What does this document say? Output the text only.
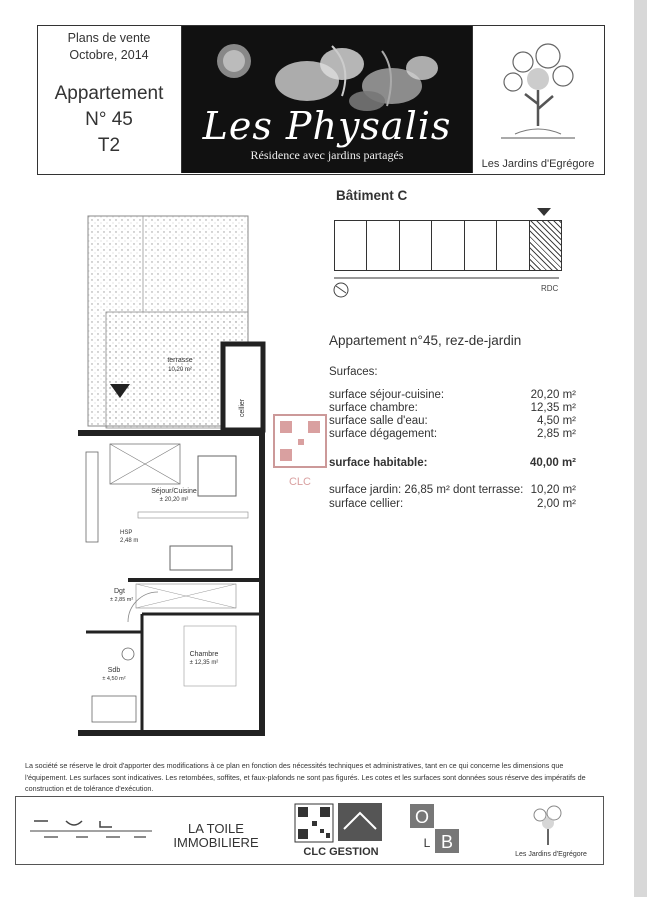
Plans de vente
Octobre, 2014
Appartement
N° 45
T2	Les Physalis
Résidence avec jardins partagés
Les Jardins d'Egrégore
CLC
Bâtiment C
RDC
Appartement n°45, rez-de-jardin
Surfaces:
surface séjour-cuisine:	20,20 m²
surface chambre:	12,35 m²
surface salle d'eau:	4,50 m²
surface dégagement:	2,85 m²
surface habitable:	40,00 m²
surface jardin: 26,85 m² dont terrasse: 10,20 m²
surface cellier:	2,00 m²
terrasse
10,20 m²
cellier
Séjour/Cuisine
± 20,20 m²
HSP
2,48 m
Dgt
± 2,85 m²
Chambre
± 12,35 m²
Sdb
± 4,50 m²
La société se réserve le droit d'apporter des modifications à ce plan en fonction des nécessités techniques et administratives, tant en ce qui concerne les dimensions que l'équipement. Les surfaces sont indicatives. Les retombées, soffites, et faux-plafonds ne sont pas figurés. Les cotes et les surfaces sont données sous réserve des impératifs de construction et de tolérance d'exécution.
LA TOILE
IMMOBILIERE
CLC GESTION
O
B
L
Les Jardins d'Egrégore
